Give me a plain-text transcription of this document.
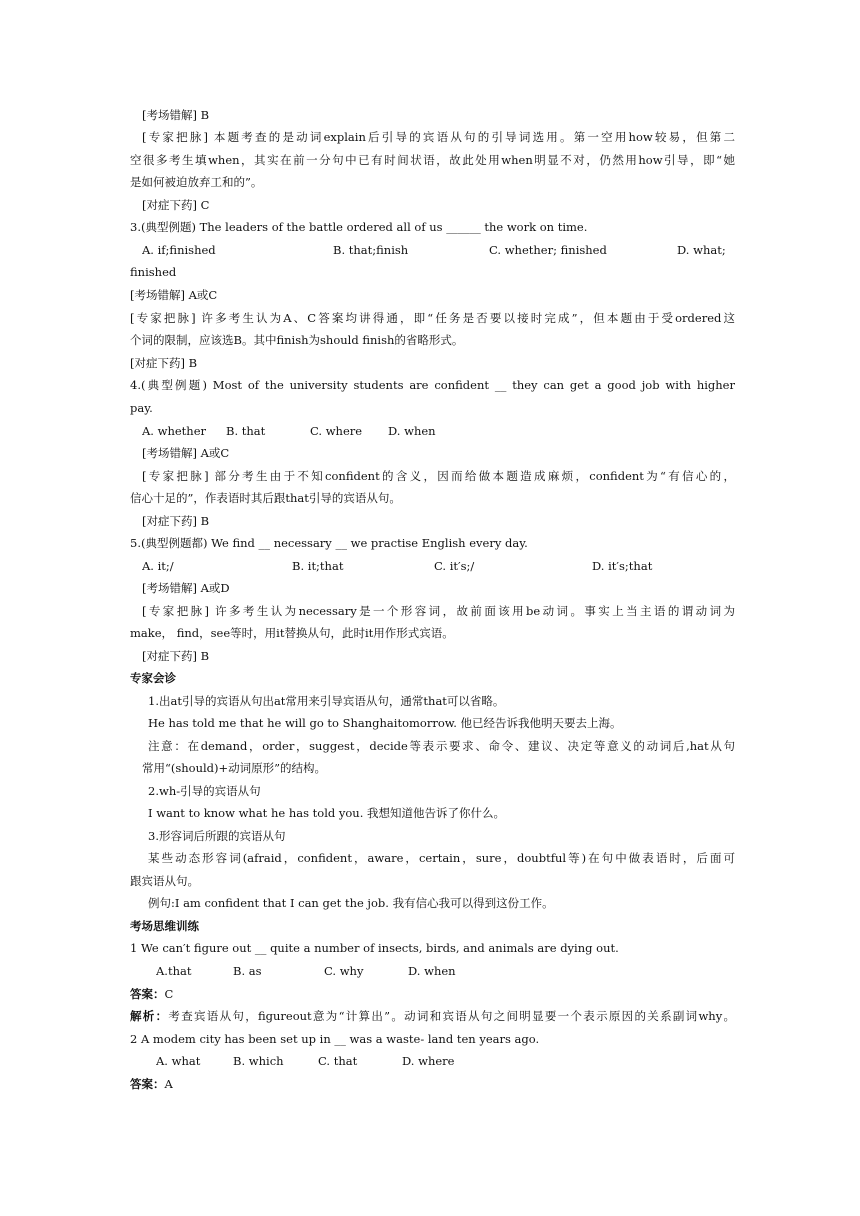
[考场错解] B
[专家把脉] 本题考查的是动词explain后引导的宾语从句的引导词选用。第一空用how较易，但第二
空很多考生填when，其实在前一分句中已有时间状语，故此处用when明显不对，仍然用how引导，即“她
是如何被迫放弃工和的”。
[对症下药] C
3.(典型例题) The leaders of the battle ordered all of us ______ the work on time.
A. if;finished	B. that;finish	C. whether; finished	D. what;
finished
[考场错解] A或C
[专家把脉] 许多考生认为A、C答案均讲得通，即“任务是否要以接时完成”，但本题由于受ordered这
个词的限制，应该选B。其中finish为should finish的省略形式。
[对症下药] B
4.(典型例题) Most of the university students are confident __ they can get a good job with higher
pay.
A. whether B. that	C. where D. when
[考场错解] A或C
[专家把脉] 部分考生由于不知confident的含义，因而给做本题造成麻烦，confident为“有信心的，
信心十足的”，作表语时其后跟that引导的宾语从句。
[对症下药] B
5.(典型例题都) We find __ necessary __ we practise English every day.
A. it;/	B. it;that	C. it′s;/	D. it′s;that
[考场错解] A或D
[专家把脉] 许多考生认为necessary是一个形容词，故前面该用be动词。事实上当主语的谓动词为
make， find，see等时，用it替换从句，此时it用作形式宾语。
[对症下药] B
专家会诊
1.出at引导的宾语从句出at常用来引导宾语从句，通常that可以省略。
He has told me that he will go to Shanghaitomorrow. 他已经告诉我他明天要去上海。
注意：在demand，order，suggest，decide等表示要求、命令、建议、决定等意义的动词后,hat从句
常用“(should)+动词原形”的结构。
2.wh-引导的宾语从句
I want to know what he has told you. 我想知道他告诉了你什么。
3.形容词后所跟的宾语从句
某些动态形容词(afraid，confident，aware，certain，sure，doubtful等)在句中做表语时，后面可
跟宾语从句。
例句:I am confident that I can get the job. 我有信心我可以得到这份工作。
考场思维训练
1 We can′t figure out __ quite a number of insects, birds, and animals are dying out.
A.that	B. as	C. why	D. when
答案：C
解析：考查宾语从句，figureout意为“计算出”。动词和宾语从句之间明显要一个表示原因的关系副词why。
2 A modem city has been set up in __ was a waste- land ten years ago.
A. what	B. which	C. that	D. where
答案：A
